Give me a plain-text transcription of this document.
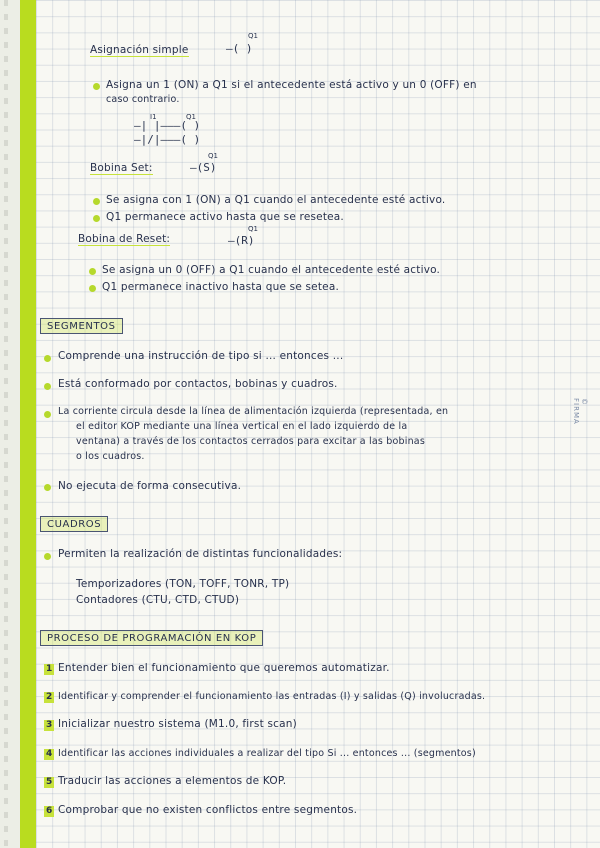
© FIRMA
Asignación simple
Q1
—( )
Asigna un 1 (ON) a Q1 si el antecedente está activo y un 0 (OFF) en
caso contrario.
I1	Q1
—| |———( )
—|/|———( )
Bobina Set:
Q1
—(S)
Se asigna con 1 (ON) a Q1 cuando el antecedente esté activo.
Q1 permanece activo hasta que se resetea.
Bobina de Reset:
Q1
—(R)
Se asigna un 0 (OFF) a Q1 cuando el antecedente esté activo.
Q1 permanece inactivo hasta que se setea.
SEGMENTOS
Comprende una instrucción de tipo si ... entonces ...
Está conformado por contactos, bobinas y cuadros.
La corriente circula desde la línea de alimentación izquierda (representada, en
el editor KOP mediante una línea vertical en el lado izquierdo de la
ventana) a través de los contactos cerrados para excitar a las bobinas
o los cuadros.
No ejecuta de forma consecutiva.
CUADROS
Permiten la realización de distintas funcionalidades:
Temporizadores (TON, TOFF, TONR, TP)
Contadores (CTU, CTD, CTUD)
PROCESO DE PROGRAMACIÓN EN KOP
1 Entender bien el funcionamiento que queremos automatizar.
2 Identificar y comprender el funcionamiento las entradas (I) y salidas (Q) involucradas.
3 Inicializar nuestro sistema (M1.0, first scan)
4 Identificar las acciones individuales a realizar del tipo Si ... entonces ... (segmentos)
5 Traducir las acciones a elementos de KOP.
6 Comprobar que no existen conflictos entre segmentos.
